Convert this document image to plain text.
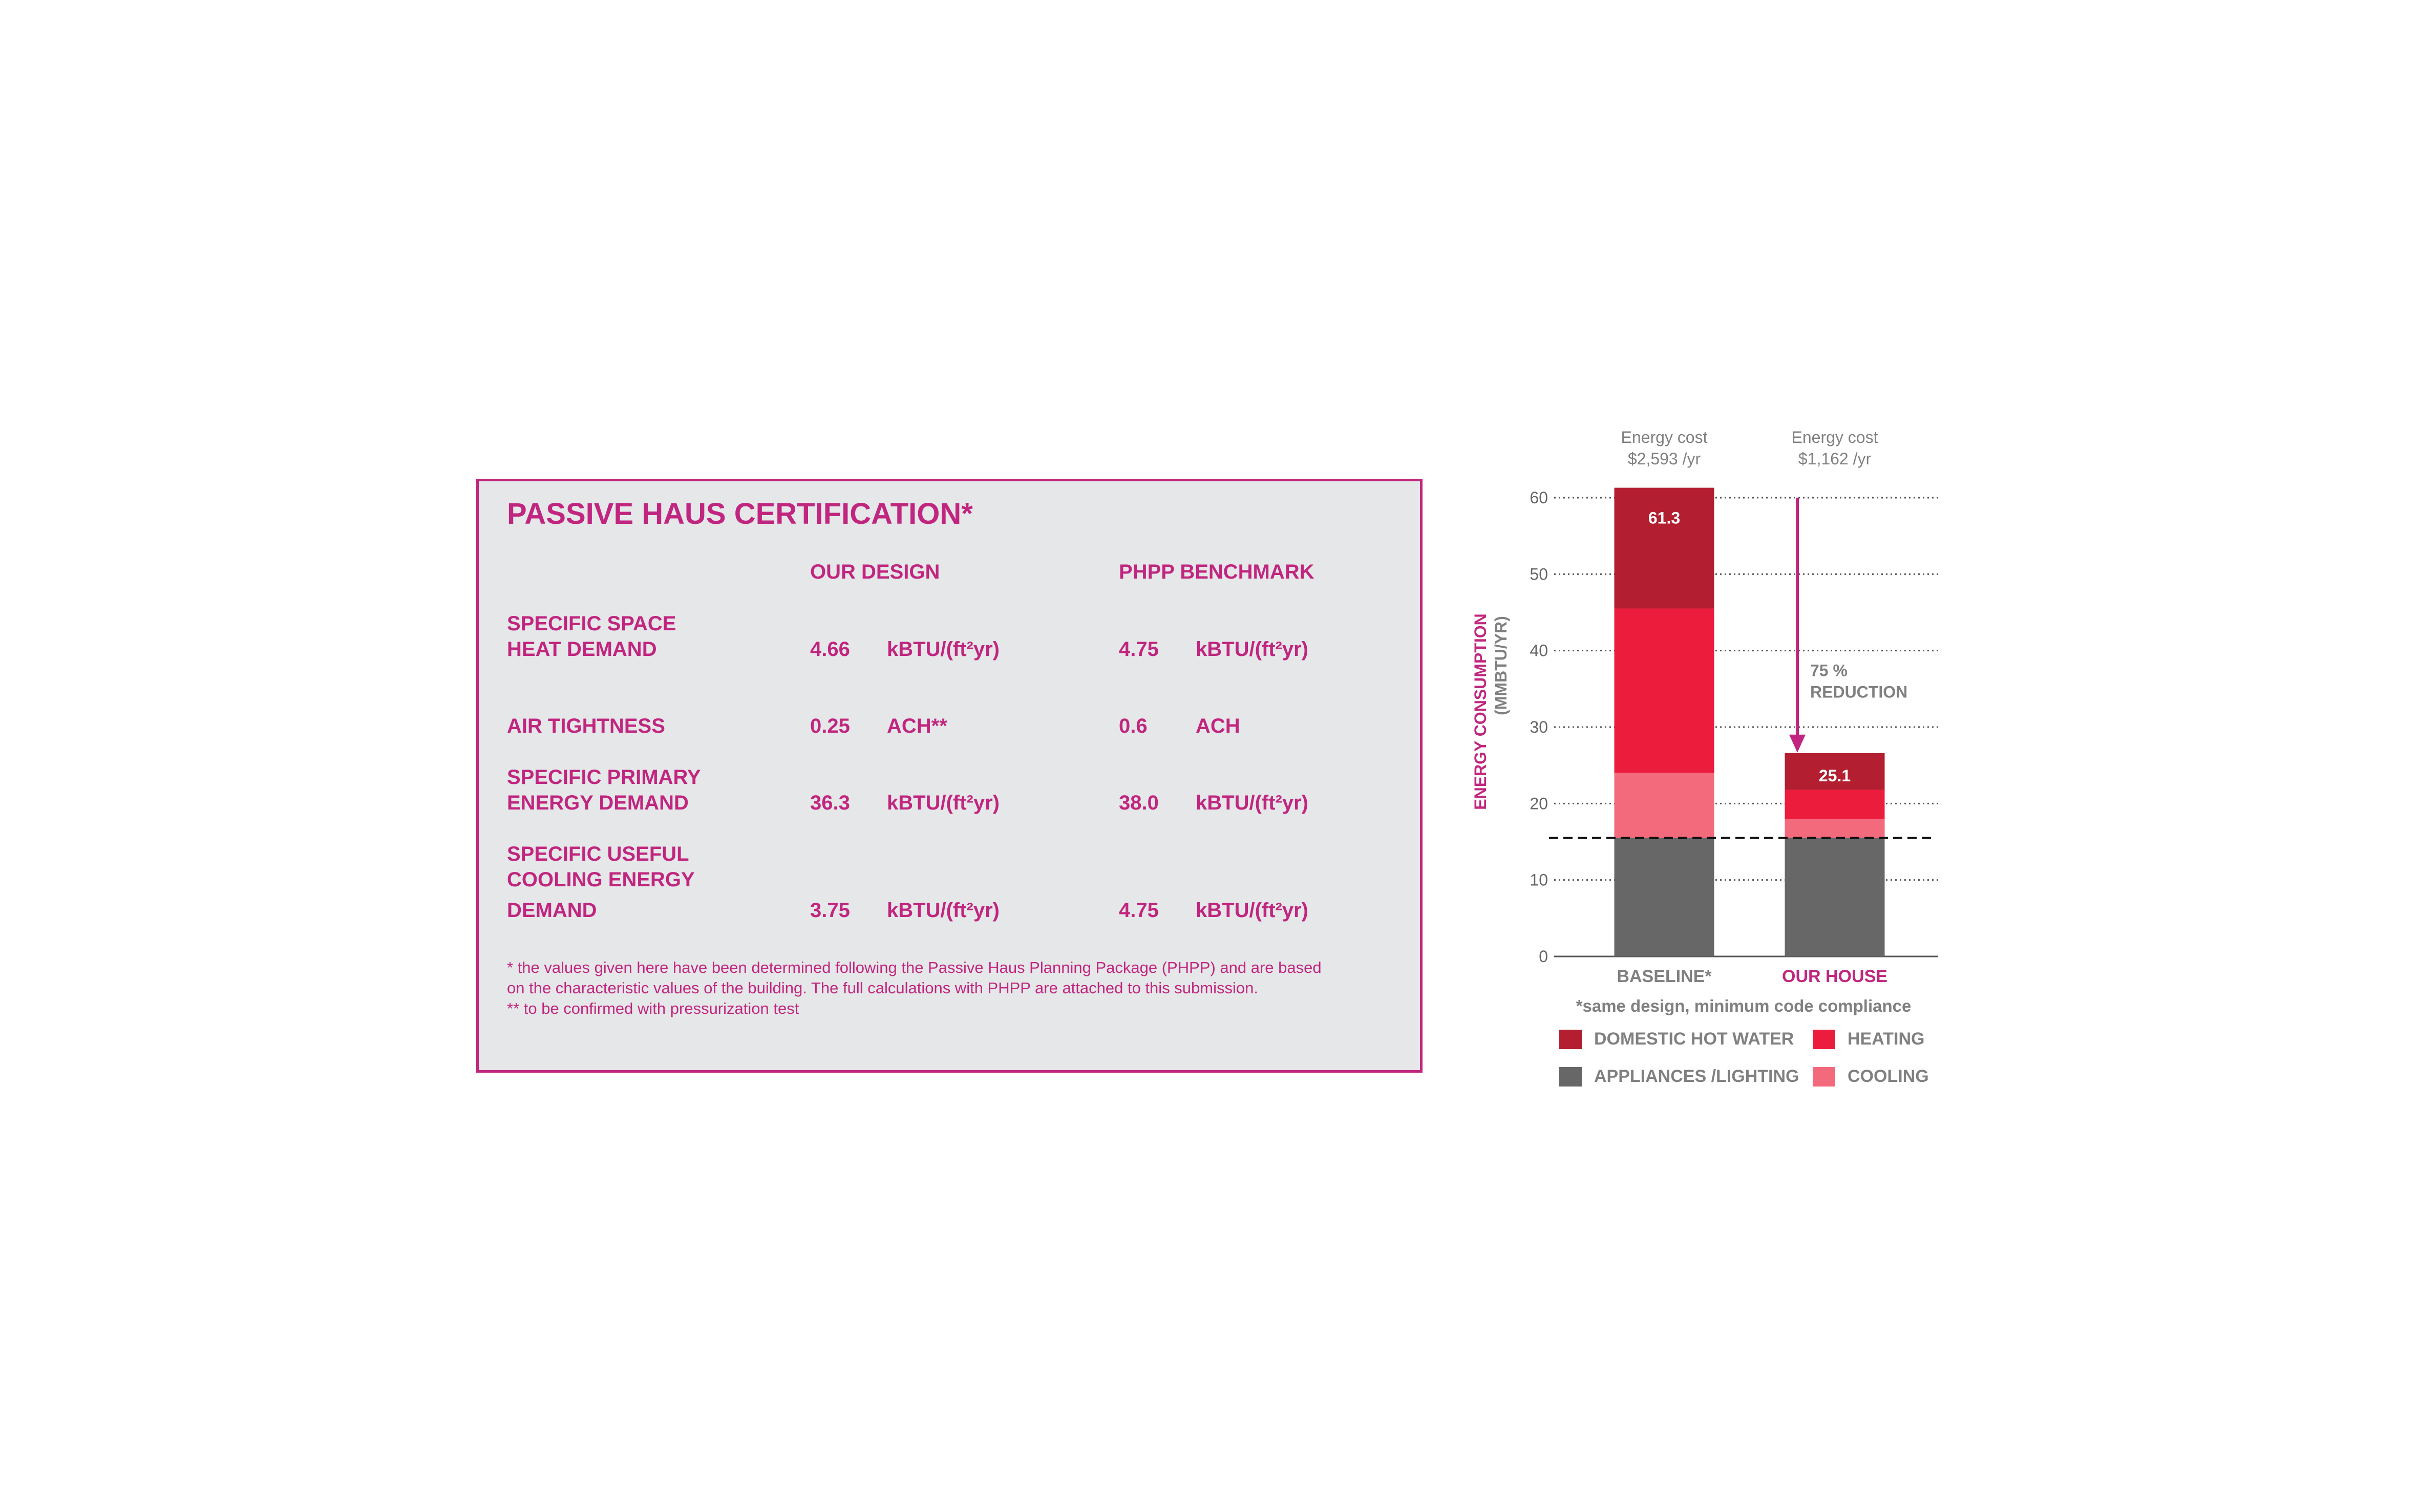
PASSIVE HAUS CERTIFICATION*
OUR DESIGN	PHPP BENCHMARK
SPECIFIC SPACE
HEAT DEMAND	4.66 kBTU/(ft²yr)	4.75 kBTU/(ft²yr)
AIR TIGHTNESS	0.25 ACH**	0.6 ACH
SPECIFIC PRIMARY
ENERGY DEMAND	36.3 kBTU/(ft²yr)	38.0 kBTU/(ft²yr)
SPECIFIC USEFUL
COOLING ENERGY
DEMAND	3.75 kBTU/(ft²yr)	4.75 kBTU/(ft²yr)
* the values given here have been determined following the Passive Haus Planning Package (PHPP) and are based
on the characteristic values of the building. The full calculations with PHPP are attached to this submission.
** to be confirmed with pressurization test
0
10
20
30
40
50
60
61.3
BASELINE*
Energy cost
$2,593 /yr
25.1
OUR HOUSE
Energy cost
$1,162 /yr
75 %
REDUCTION
ENERGY CONSUMPTION (MMBTU/YR)
*same design, minimum code compliance
DOMESTIC HOT WATER	HEATING
APPLIANCES /LIGHTING	COOLING
